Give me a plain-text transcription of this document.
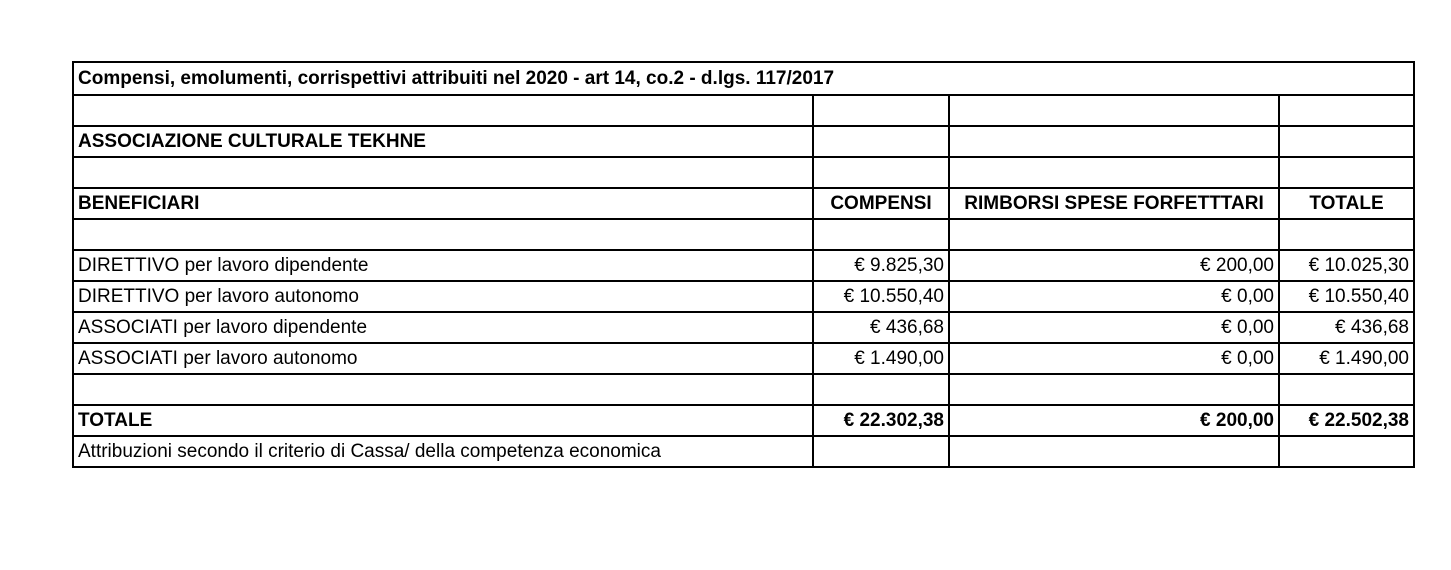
Compensi, emolumenti, corrispettivi attribuiti nel 2020 - art 14, co.2 - d.lgs. 117/2017
ASSOCIAZIONE CULTURALE TEKHNE
BENEFICIARI	COMPENSI	RIMBORSI SPESE FORFETTTARI	TOTALE
DIRETTIVO per lavoro dipendente	€ 9.825,30	€ 200,00	€ 10.025,30
DIRETTIVO per lavoro autonomo	€ 10.550,40	€ 0,00	€ 10.550,40
ASSOCIATI per lavoro dipendente	€ 436,68	€ 0,00	€ 436,68
ASSOCIATI per lavoro autonomo	€ 1.490,00	€ 0,00	€ 1.490,00
TOTALE	€ 22.302,38	€ 200,00	€ 22.502,38
Attribuzioni secondo il criterio di Cassa/ della competenza economica
